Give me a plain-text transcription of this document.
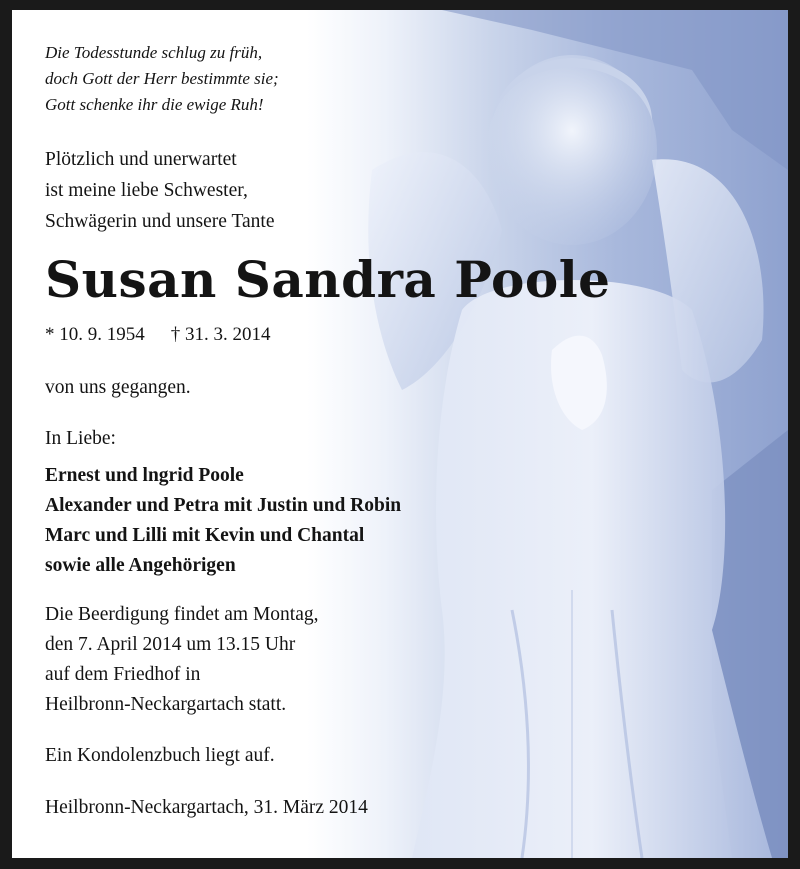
Die Todesstunde schlug zu früh,
doch Gott der Herr bestimmte sie;
Gott schenke ihr die ewige Ruh!
Plötzlich und unerwartet
ist meine liebe Schwester,
Schwägerin und unsere Tante
Susan Sandra Poole
* 10. 9. 1954 † 31. 3. 2014
von uns gegangen.
In Liebe:
Ernest und lngrid Poole
Alexander und Petra mit Justin und Robin
Marc und Lilli mit Kevin und Chantal
sowie alle Angehörigen
Die Beerdigung findet am Montag,
den 7. April 2014 um 13.15 Uhr
auf dem Friedhof in
Heilbronn-Neckargartach statt.
Ein Kondolenzbuch liegt auf.
Heilbronn-Neckargartach, 31. März 2014
